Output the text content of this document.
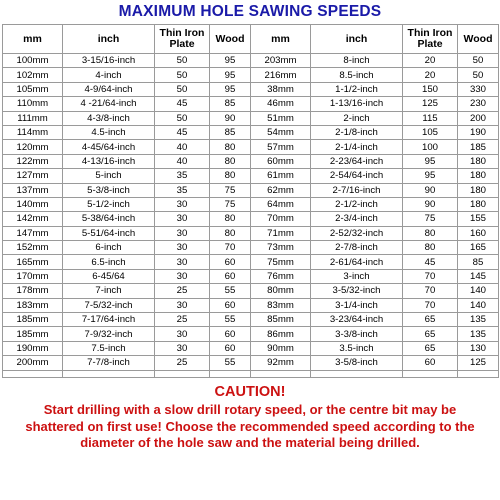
MAXIMUM HOLE SAWING SPEEDS
mm	inch	Thin Iron Plate	Wood	mm	inch	Thin Iron Plate	Wood
100mm	3-15/16-inch	50	95	203mm	8-inch	20	50
102mm	4-inch	50	95	216mm	8.5-inch	20	50
105mm	4-9/64-inch	50	95	38mm	1-1/2-inch	150	330
110mm	4 -21/64-inch	45	85	46mm	1-13/16-inch	125	230
111mm	4-3/8-inch	50	90	51mm	2-inch	115	200
114mm	4.5-inch	45	85	54mm	2-1/8-inch	105	190
120mm	4-45/64-inch	40	80	57mm	2-1/4-inch	100	185
122mm	4-13/16-inch	40	80	60mm	2-23/64-inch	95	180
127mm	5-inch	35	80	61mm	2-54/64-inch	95	180
137mm	5-3/8-inch	35	75	62mm	2-7/16-inch	90	180
140mm	5-1/2-inch	30	75	64mm	2-1/2-inch	90	180
142mm	5-38/64-inch	30	80	70mm	2-3/4-inch	75	155
147mm	5-51/64-inch	30	80	71mm	2-52/32-inch	80	160
152mm	6-inch	30	70	73mm	2-7/8-inch	80	165
165mm	6.5-inch	30	60	75mm	2-61/64-inch	45	85
170mm	6-45/64	30	60	76mm	3-inch	70	145
178mm	7-inch	25	55	80mm	3-5/32-inch	70	140
183mm	7-5/32-inch	30	60	83mm	3-1/4-inch	70	140
185mm	7-17/64-inch	25	55	85mm	3-23/64-inch	65	135
185mm	7-9/32-inch	30	60	86mm	3-3/8-inch	65	135
190mm	7.5-inch	30	60	90mm	3.5-inch	65	130
200mm	7-7/8-inch	25	55	92mm	3-5/8-inch	60	125

CAUTION!
Start drilling with a slow drill rotary speed, or the centre bit may be shattered on first use! Choose the recommended speed according to the diameter of the hole saw and the material being drilled.
